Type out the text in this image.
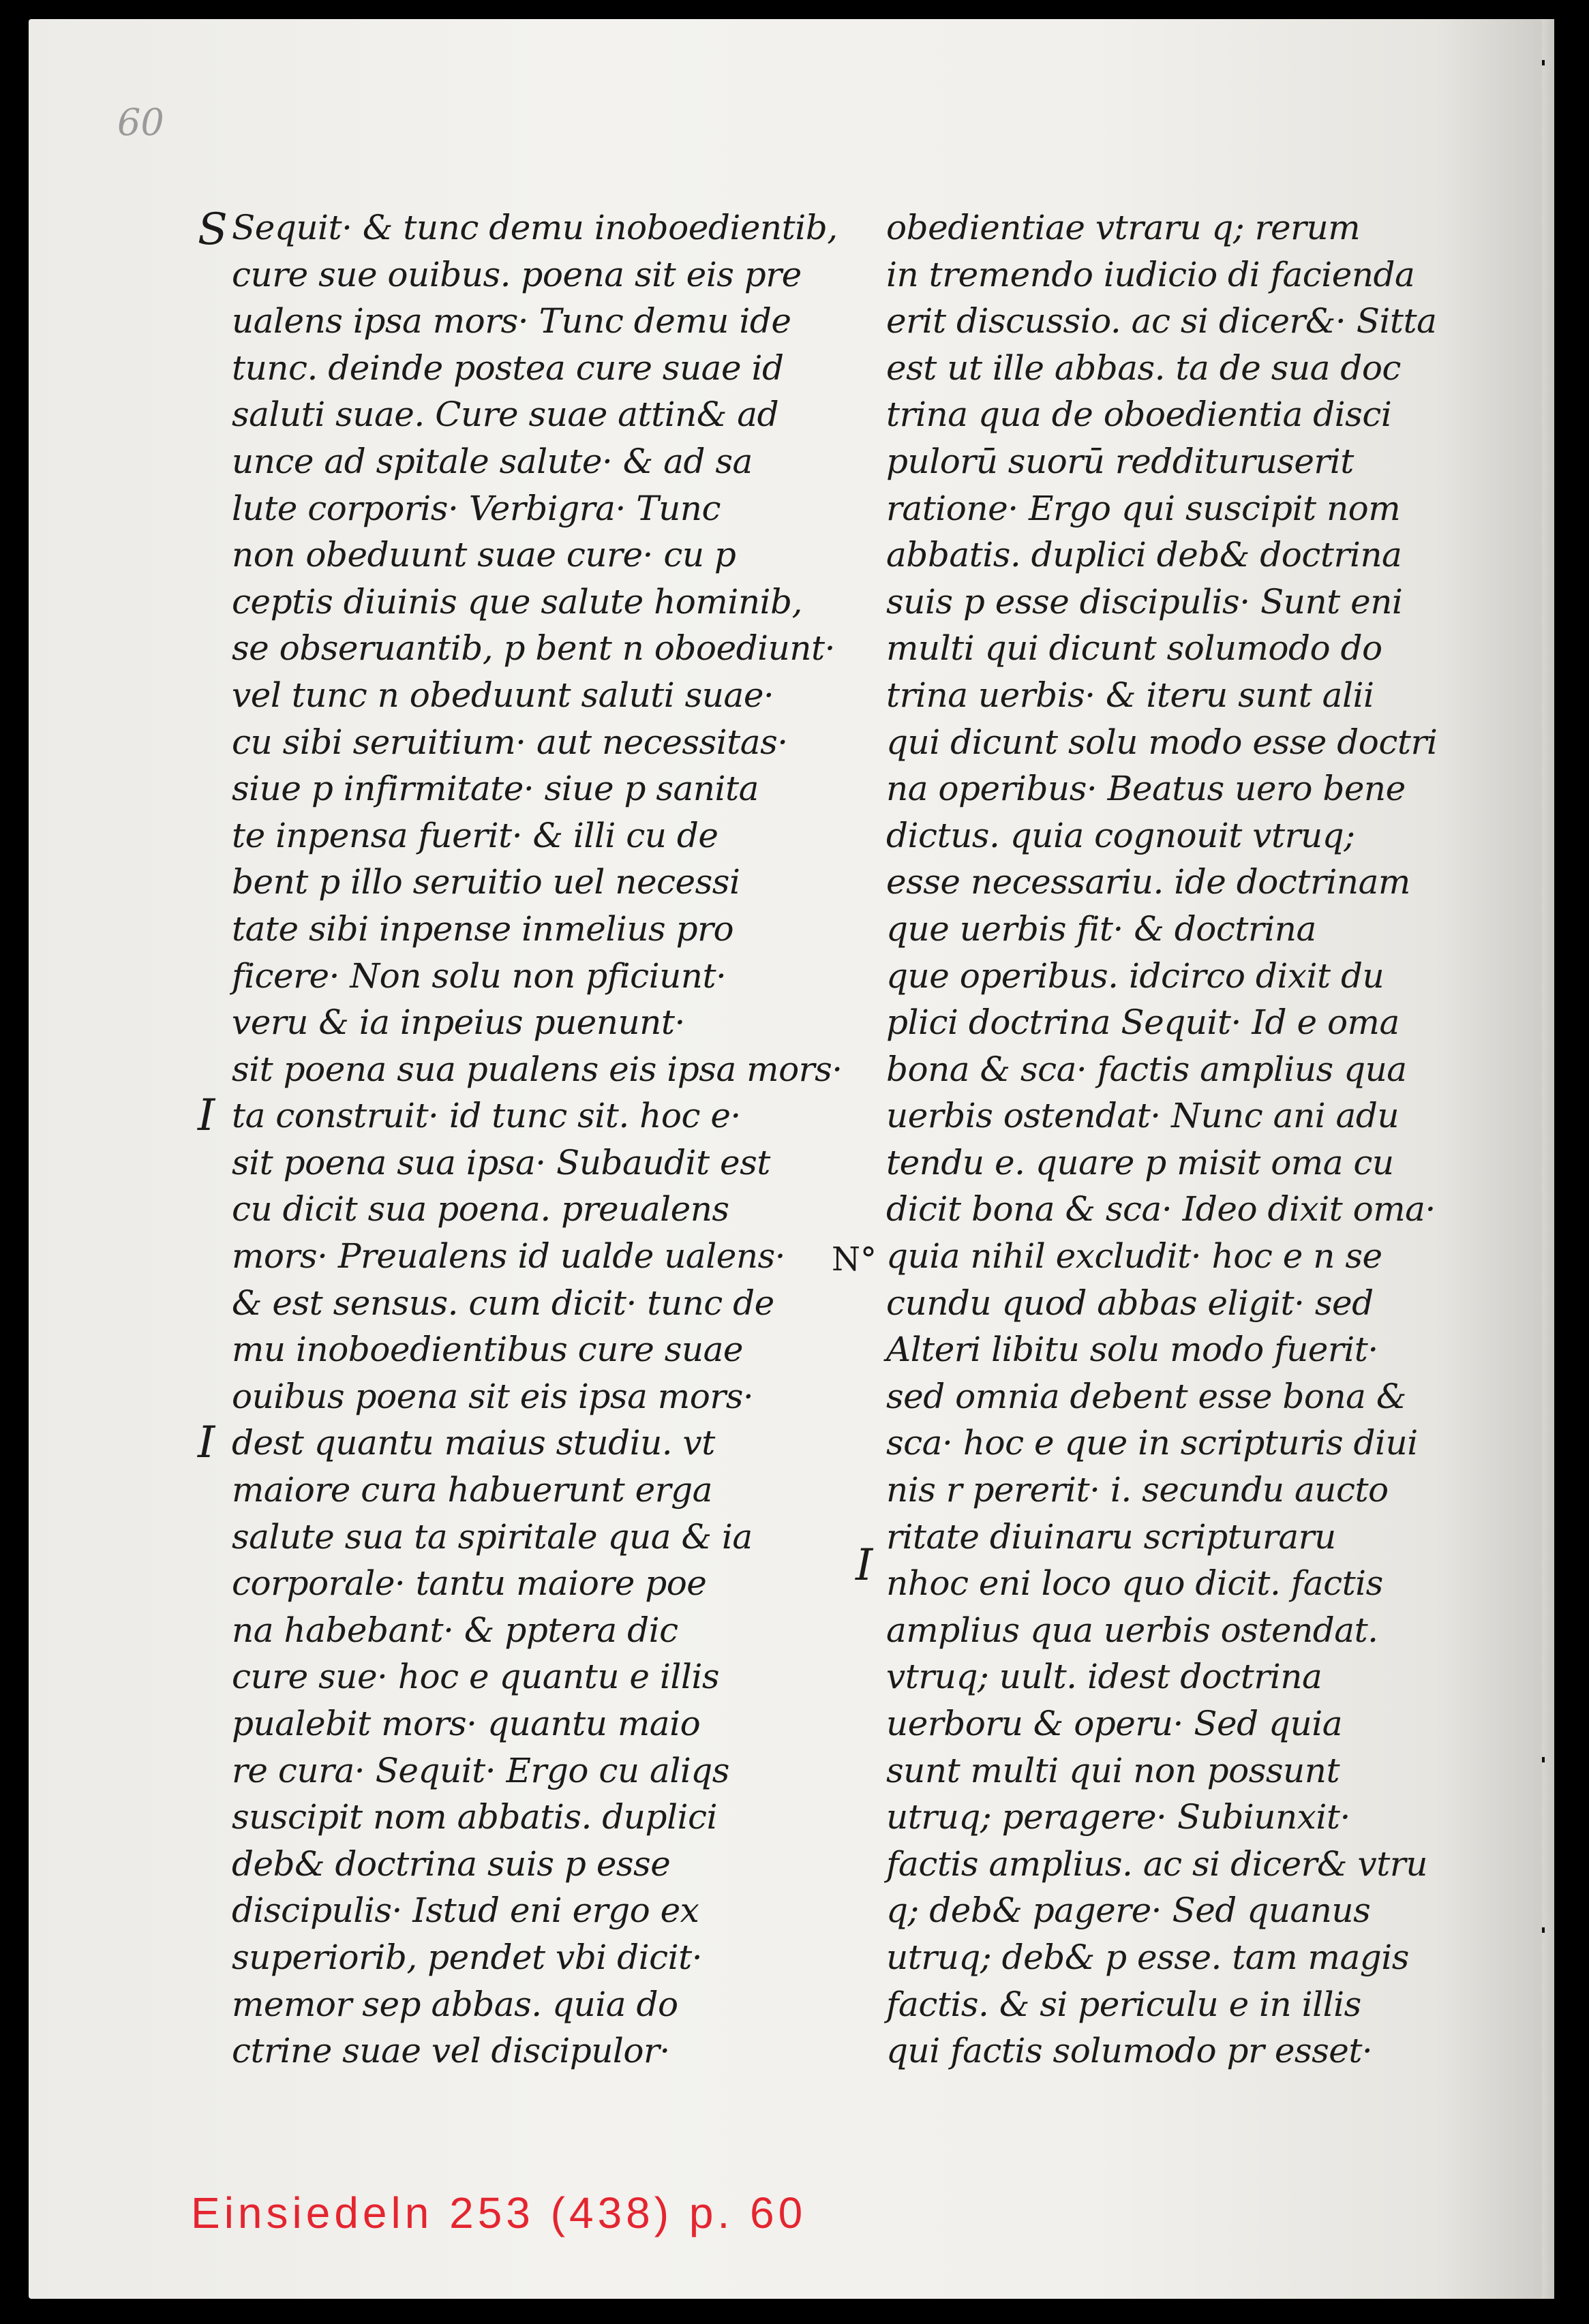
60
Sequit· & tunc demu inoboedientib,
cure sue ouibus. poena sit eis pre
ualens ipsa mors· Tunc demu ide
tunc. deinde postea cure suae id
saluti suae. Cure suae attin& ad
unce ad spitale salute· & ad sa
lute corporis· Verbigra· Tunc
non obeduunt suae cure· cu p
ceptis diuinis que salute hominib,
se obseruantib, p bent n oboediunt·
vel tunc n obeduunt saluti suae·
cu sibi seruitium· aut necessitas·
siue p infirmitate· siue p sanita
te inpensa fuerit· & illi cu de
bent p illo seruitio uel necessi
tate sibi inpense inmelius pro
ficere· Non solu non pficiunt·
veru & ia inpeius puenunt·
sit poena sua pualens eis ipsa mors·
ta construit· id tunc sit. hoc e·
sit poena sua ipsa· Subaudit est
cu dicit sua poena. preualens
mors· Preualens id ualde ualens·
& est sensus. cum dicit· tunc de
mu inoboedientibus cure suae
ouibus poena sit eis ipsa mors·
dest quantu maius studiu. vt
maiore cura habuerunt erga
salute sua ta spiritale qua & ia
corporale· tantu maiore poe
na habebant· & pptera dic
cure sue· hoc e quantu e illis
pualebit mors· quantu maio
re cura· Sequit· Ergo cu aliqs
suscipit nom abbatis. duplici
deb& doctrina suis p esse
discipulis· Istud eni ergo ex
superiorib, pendet vbi dicit·
memor sep abbas. quia do
ctrine suae vel discipulor·
obedientiae vtraru q; rerum
in tremendo iudicio di facienda
erit discussio. ac si dicer&· Sitta
est ut ille abbas. ta de sua doc
trina qua de oboedientia disci
pulorū suorū reddituruserit
ratione· Ergo qui suscipit nom
abbatis. duplici deb& doctrina
suis p esse discipulis· Sunt eni
multi qui dicunt solumodo do
trina uerbis· & iteru sunt alii
qui dicunt solu modo esse doctri
na operibus· Beatus uero bene
dictus. quia cognouit vtruq;
esse necessariu. ide doctrinam
que uerbis fit· & doctrina
que operibus. idcirco dixit du
plici doctrina Sequit· Id e oma
bona & sca· factis amplius qua
uerbis ostendat· Nunc ani adu
tendu e. quare p misit oma cu
dicit bona & sca· Ideo dixit oma·
quia nihil excludit· hoc e n se
cundu quod abbas eligit· sed
Alteri libitu solu modo fuerit·
sed omnia debent esse bona &
sca· hoc e que in scripturis diui
nis r pererit· i. secundu aucto
ritate diuinaru scripturaru
nhoc eni loco quo dicit. factis
amplius qua uerbis ostendat.
vtruq; uult. idest doctrina
uerboru & operu· Sed quia
sunt multi qui non possunt
utruq; peragere· Subiunxit·
factis amplius. ac si dicer& vtru
q; deb& pagere· Sed quanus
utruq; deb& p esse. tam magis
factis. & si periculu e in illis
qui factis solumodo pr esset·
S
I
I
I
N°
Einsiedeln 253 (438) p. 60
